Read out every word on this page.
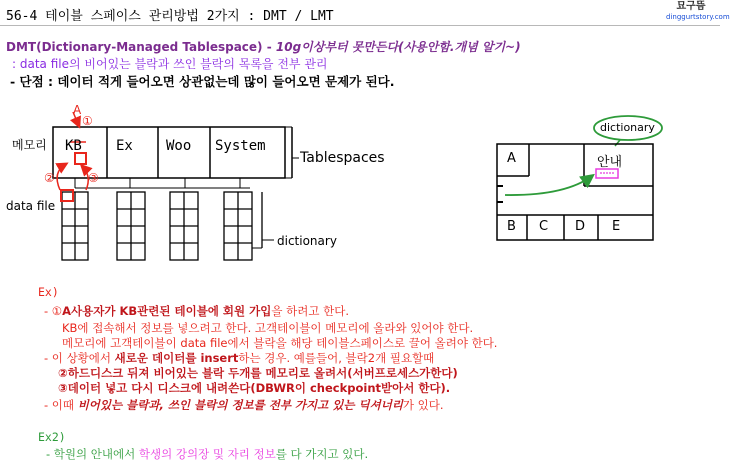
56-4 테이블 스페이스 관리방법 2가지 : DMT / LMT
묘구뜸
dinggurtstory.com
DMT(Dictionary-Managed Tablespace) - 10g이상부터 못만든다(사용안함.개념 알기~)
: data file의 비어있는 블락과 쓰인 블락의 목록을 전부 관리
- 단점 : 데이터 적게 들어오면 상관없는데 많이 들어오면 문제가 된다.
메모리
data file
KB Ex Woo System
Tablespaces
dictionary
A
①
②	③
dictionary
안내
A
B C D E
Ex)
- ①A사용자가 KB관련된 테이블에 회원 가입을 하려고 한다.
KB에 접속해서 정보를 넣으려고 한다. 고객테이블이 메모리에 올라와 있어야 한다.
메모리에 고객테이블이 data file에서 블락을 해당 테이블스페이스로 끌어 올려야 한다.
- 이 상황에서 새로운 데이터를 insert하는 경우. 예를들어, 블락2개 필요할때
②하드디스크 뒤져 비어있는 블락 두개를 메모리로 올려서(서버프로세스가한다)
③데이터 넣고 다시 디스크에 내려쓴다(DBWR이 checkpoint받아서 한다).
- 이때 비어있는 블락과, 쓰인 블락의 정보를 전부 가지고 있는 딕셔너리가 있다.
Ex2)
- 학원의 안내에서 학생의 강의장 및 자리 정보를 다 가지고 있다.
